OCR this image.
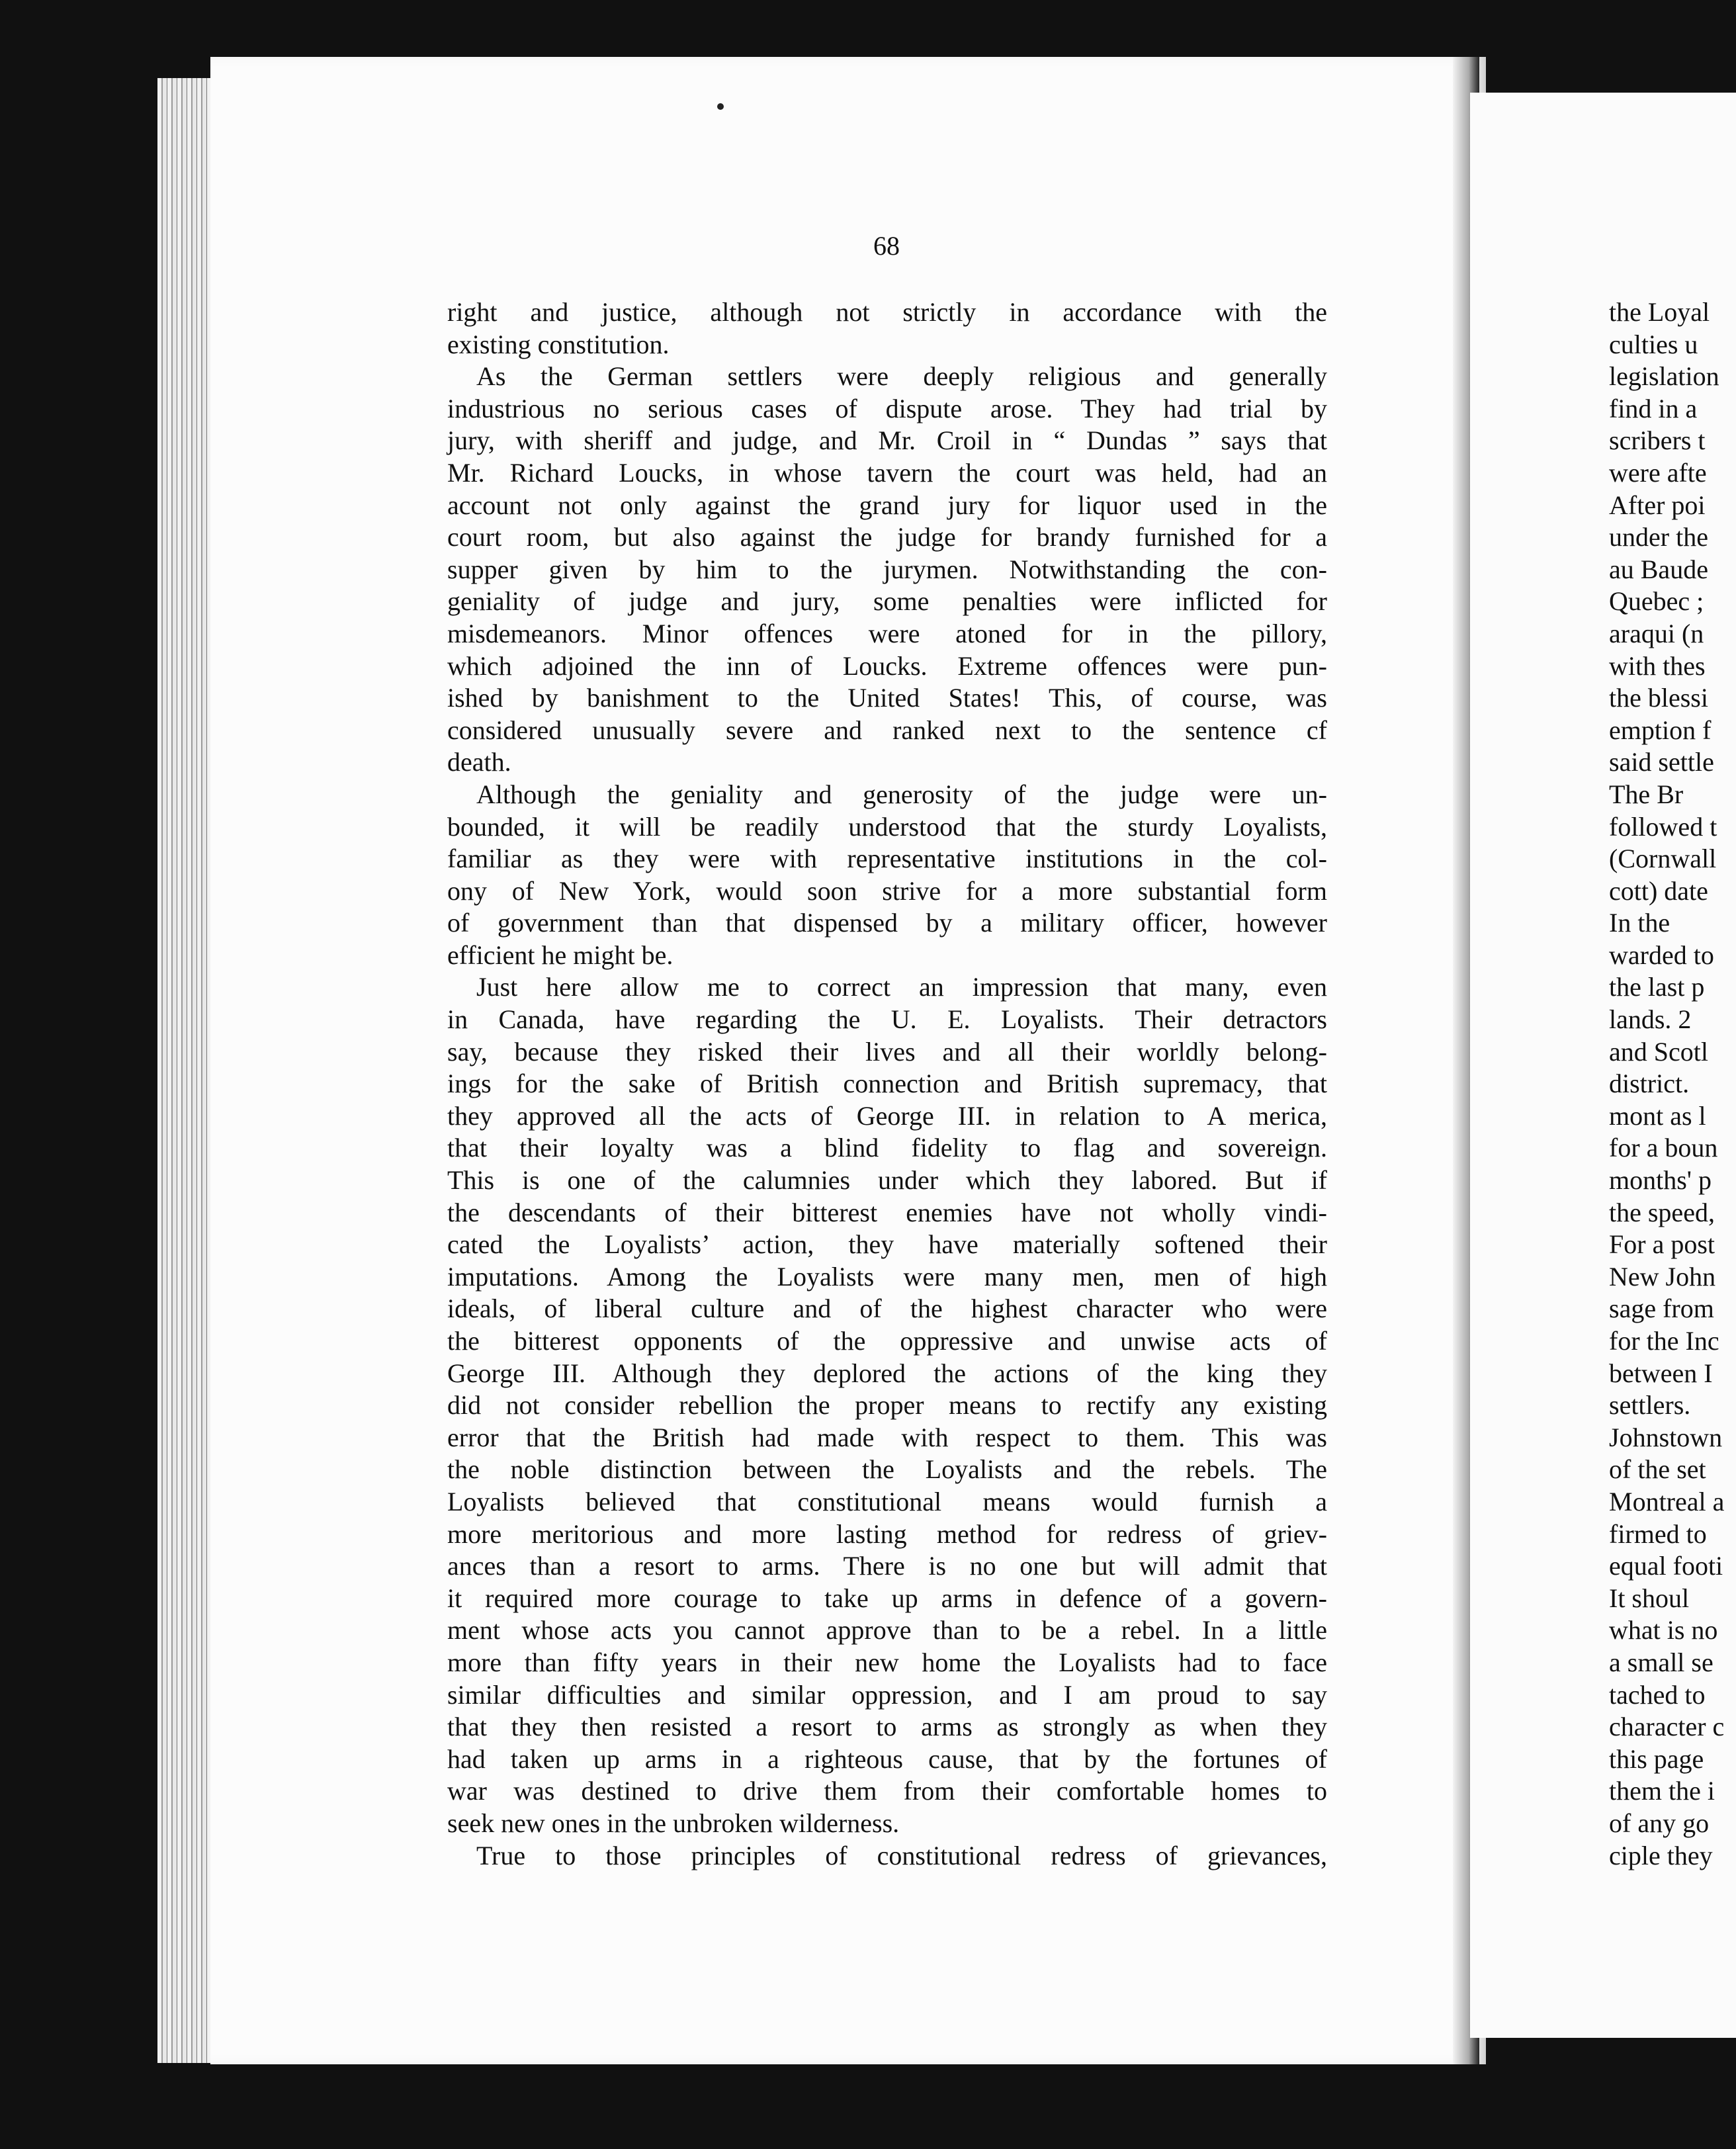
68
right and justice, although not strictly in accordance with the
existing constitution.
As the German settlers were deeply religious and generally
industrious no serious cases of dispute arose. They had trial by
jury, with sheriff and judge, and Mr. Croil in “ Dundas ” says that
Mr. Richard Loucks, in whose tavern the court was held, had an
account not only against the grand jury for liquor used in the
court room, but also against the judge for brandy furnished for a
supper given by him to the jurymen. Notwithstanding the con-
geniality of judge and jury, some penalties were inflicted for
misdemeanors. Minor offences were atoned for in the pillory,
which adjoined the inn of Loucks. Extreme offences were pun-
ished by banishment to the United States! This, of course, was
considered unusually severe and ranked next to the sentence cf
death.
Although the geniality and generosity of the judge were un-
bounded, it will be readily understood that the sturdy Loyalists,
familiar as they were with representative institutions in the col-
ony of New York, would soon strive for a more substantial form
of government than that dispensed by a military officer, however
efficient he might be.
Just here allow me to correct an impression that many, even
in Canada, have regarding the U. E. Loyalists. Their detractors
say, because they risked their lives and all their worldly belong-
ings for the sake of British connection and British supremacy, that
they approved all the acts of George III. in relation to A merica,
that their loyalty was a blind fidelity to flag and sovereign.
This is one of the calumnies under which they labored. But if
the descendants of their bitterest enemies have not wholly vindi-
cated the Loyalists’ action, they have materially softened their
imputations. Among the Loyalists were many men, men of high
ideals, of liberal culture and of the highest character who were
the bitterest opponents of the oppressive and unwise acts of
George III. Although they deplored the actions of the king they
did not consider rebellion the proper means to rectify any existing
error that the British had made with respect to them. This was
the noble distinction between the Loyalists and the rebels. The
Loyalists believed that constitutional means would furnish a
more meritorious and more lasting method for redress of griev-
ances than a resort to arms. There is no one but will admit that
it required more courage to take up arms in defence of a govern-
ment whose acts you cannot approve than to be a rebel. In a little
more than fifty years in their new home the Loyalists had to face
similar difficulties and similar oppression, and I am proud to say
that they then resisted a resort to arms as strongly as when they
had taken up arms in a righteous cause, that by the fortunes of
war was destined to drive them from their comfortable homes to
seek new ones in the unbroken wilderness.
True to those principles of constitutional redress of grievances,
the Loyal
culties u
legislation
find in a
scribers t
were afte
After poi
under the
au Baude
Quebec ;
araqui (n
with thes
the blessi
emption f
said settle
The Br
followed t
(Cornwall
cott) date
In the
warded to
the last p
lands. 2
and Scotl
district.
mont as l
for a boun
months' p
the speed,
For a post
New John
sage from
for the Inc
between I
settlers.
Johnstown
of the set
Montreal a
firmed to
equal footi
It shoul
what is no
a small se
tached to
character c
this page
them the i
of any go
ciple they
